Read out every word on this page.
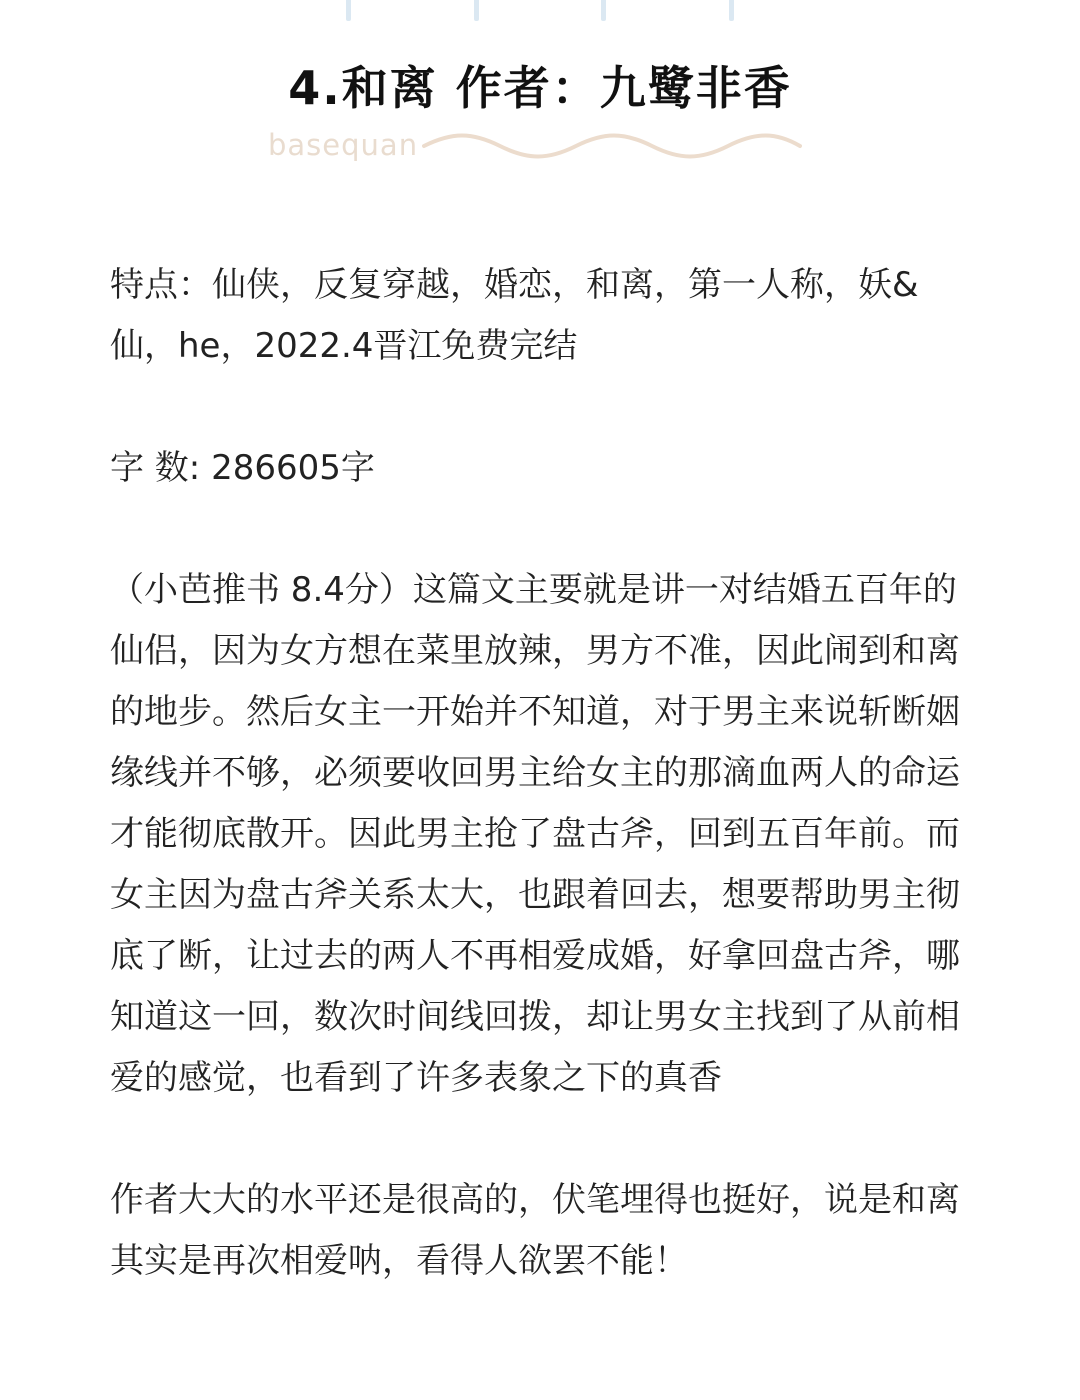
4.和离 作者：九鹭非香
basequan

特点：仙侠，反复穿越，婚恋，和离，第一人称，妖&仙，he，2022.4晋江免费完结

字 数: 286605字

（小芭推书 8.4分）这篇文主要就是讲一对结婚五百年的仙侣，因为女方想在菜里放辣，男方不准，因此闹到和离的地步。然后女主一开始并不知道，对于男主来说斩断姻缘线并不够，必须要收回男主给女主的那滴血两人的命运才能彻底散开。因此男主抢了盘古斧，回到五百年前。而女主因为盘古斧关系太大，也跟着回去，想要帮助男主彻底了断，让过去的两人不再相爱成婚，好拿回盘古斧，哪知道这一回，数次时间线回拨，却让男女主找到了从前相爱的感觉，也看到了许多表象之下的真香

作者大大的水平还是很高的，伏笔埋得也挺好，说是和离其实是再次相爱呐，看得人欲罢不能！
